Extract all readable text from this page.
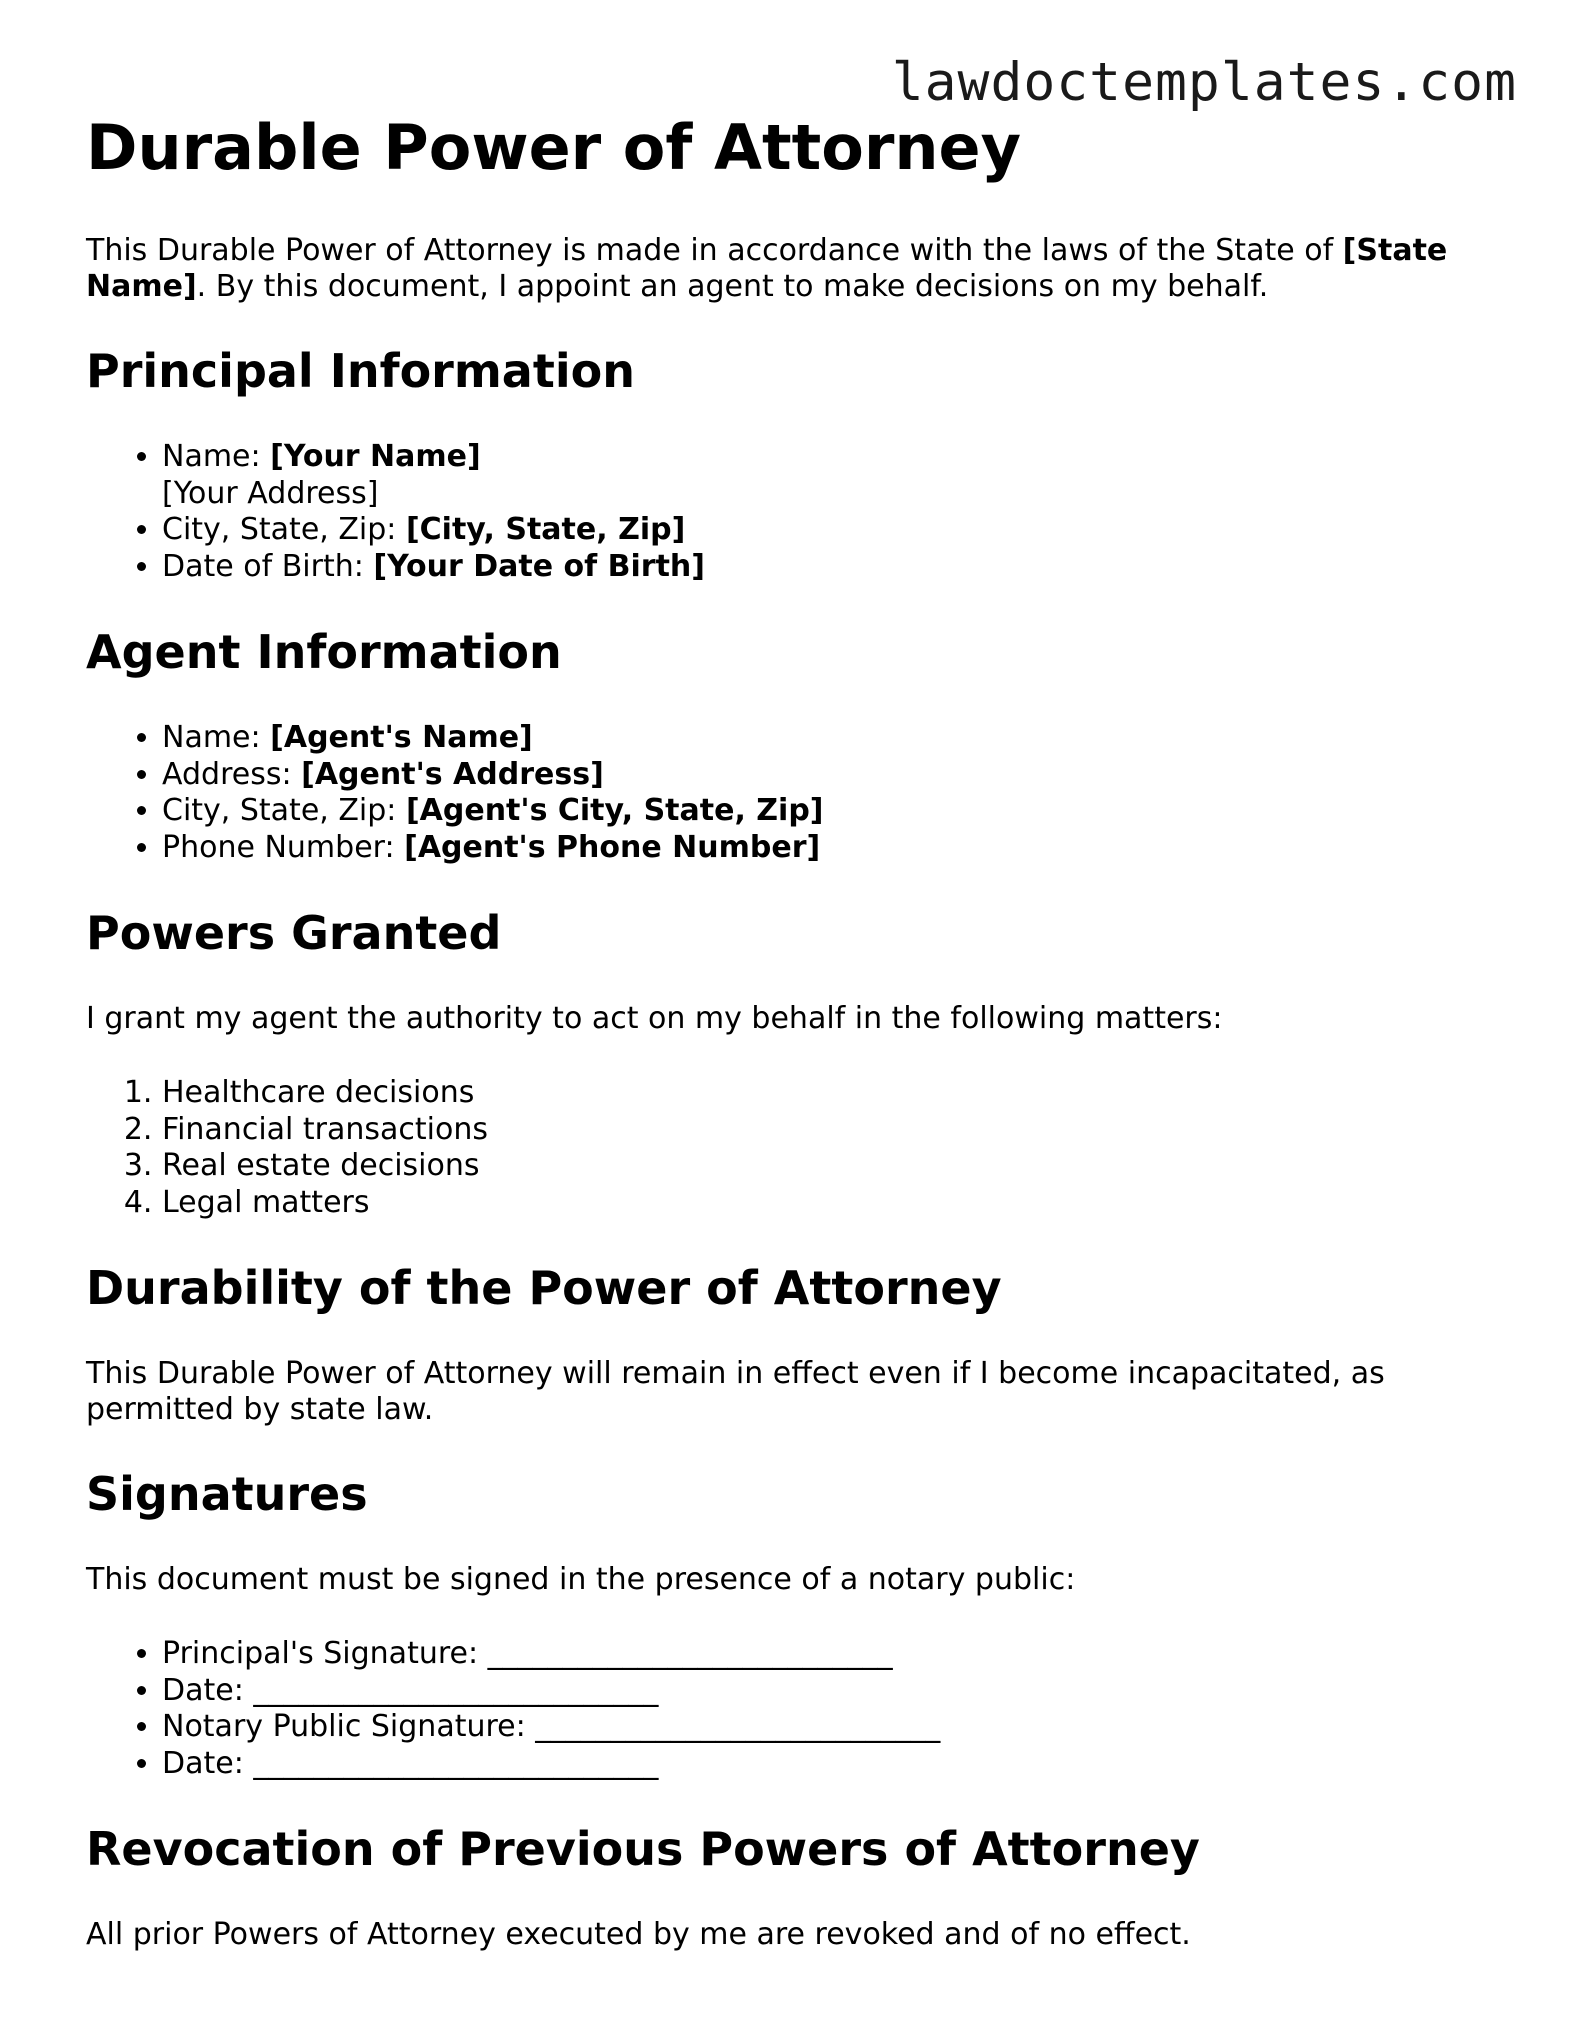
lawdoctemplates.com
Durable Power of Attorney

This Durable Power of Attorney is made in accordance with the laws of the State of [State Name]. By this document, I appoint an agent to make decisions on my behalf.

Principal Information
• Name: [Your Name]
[Your Address]
• City, State, Zip: [City, State, Zip]
• Date of Birth: [Your Date of Birth]
Agent Information
• Name: [Agent's Name]
• Address: [Agent's Address]
• City, State, Zip: [Agent's City, State, Zip]
• Phone Number: [Agent's Phone Number]
Powers Granted

I grant my agent the authority to act on my behalf in the following matters:

1. Healthcare decisions
2. Financial transactions
3. Real estate decisions
4. Legal matters
Durability of the Power of Attorney

This Durable Power of Attorney will remain in effect even if I become incapacitated, as permitted by state law.

Signatures

This document must be signed in the presence of a notary public:

• Principal's Signature: ___________________________
• Date: ___________________________
• Notary Public Signature: ___________________________
• Date: ___________________________
Revocation of Previous Powers of Attorney

All prior Powers of Attorney executed by me are revoked and of no effect.
